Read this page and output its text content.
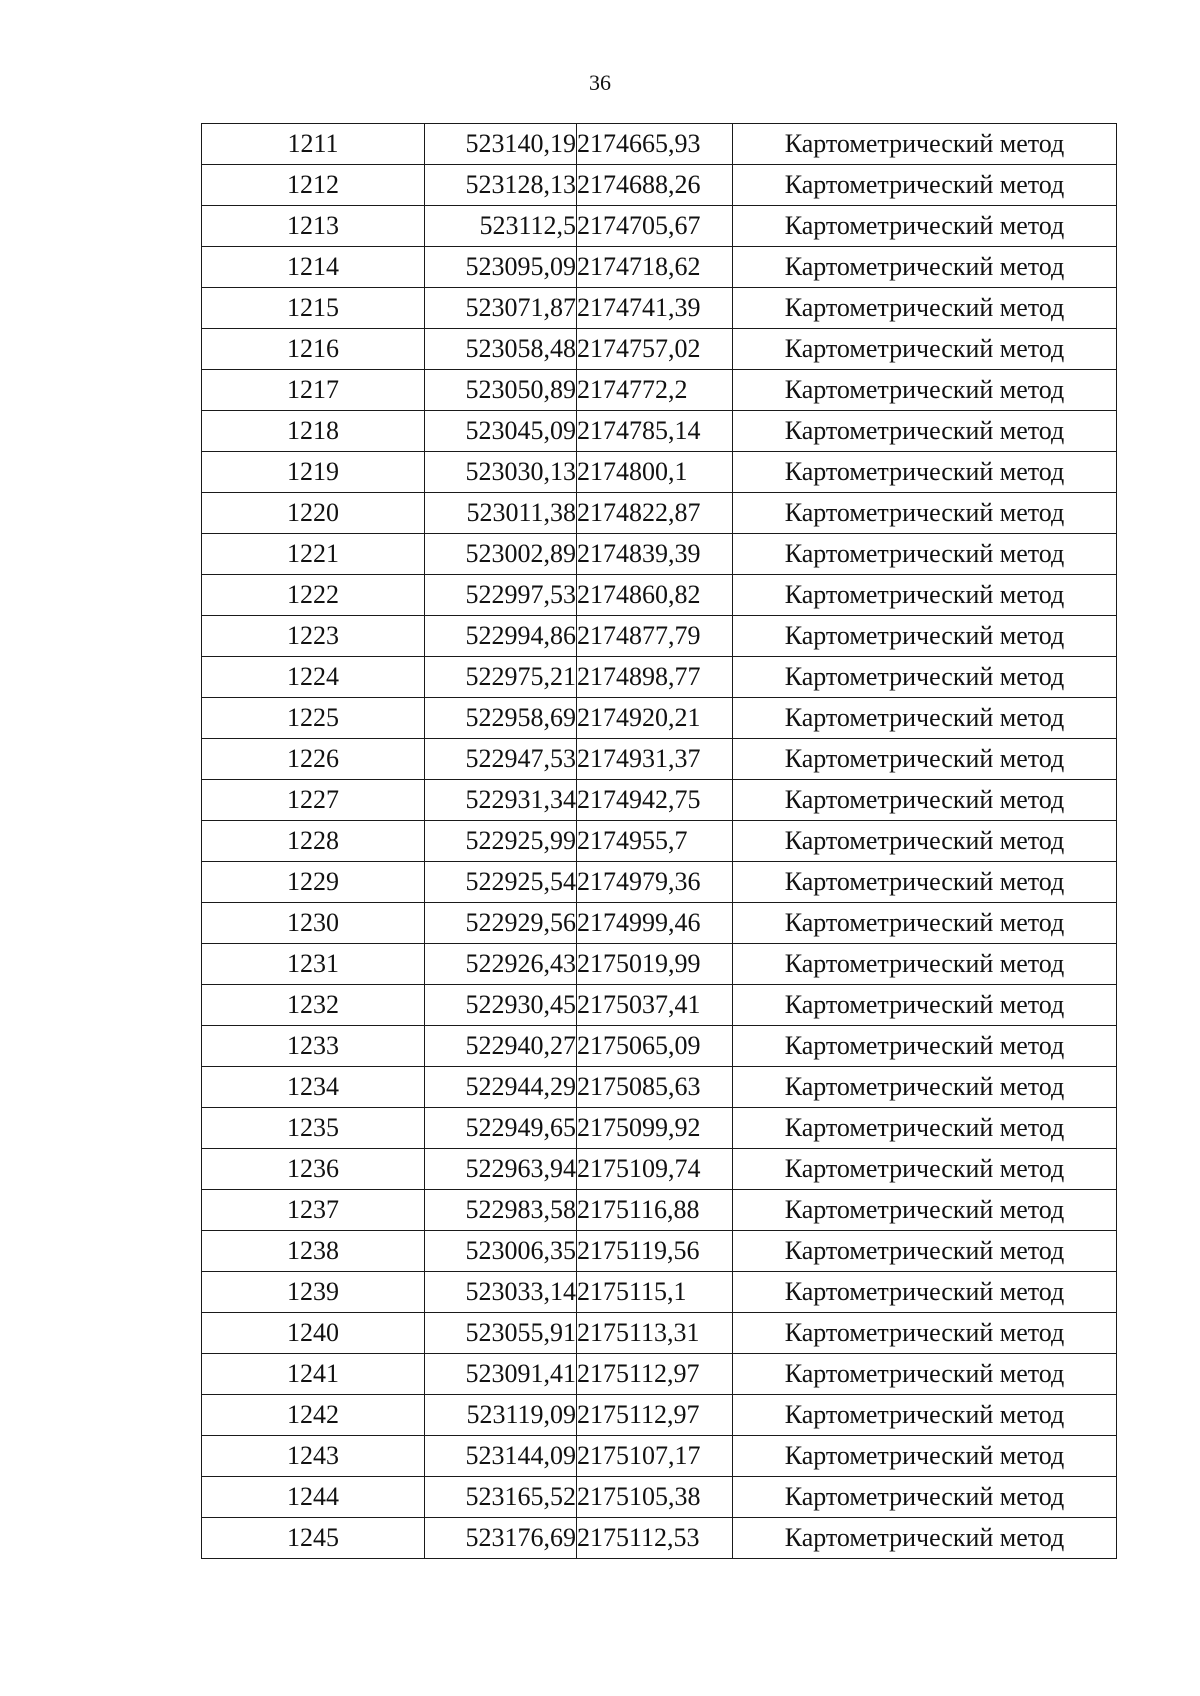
36
1211	523140,19	2174665,93	Картометрический метод
1212	523128,13	2174688,26	Картометрический метод
1213	523112,5	2174705,67	Картометрический метод
1214	523095,09	2174718,62	Картометрический метод
1215	523071,87	2174741,39	Картометрический метод
1216	523058,48	2174757,02	Картометрический метод
1217	523050,89	2174772,2	Картометрический метод
1218	523045,09	2174785,14	Картометрический метод
1219	523030,13	2174800,1	Картометрический метод
1220	523011,38	2174822,87	Картометрический метод
1221	523002,89	2174839,39	Картометрический метод
1222	522997,53	2174860,82	Картометрический метод
1223	522994,86	2174877,79	Картометрический метод
1224	522975,21	2174898,77	Картометрический метод
1225	522958,69	2174920,21	Картометрический метод
1226	522947,53	2174931,37	Картометрический метод
1227	522931,34	2174942,75	Картометрический метод
1228	522925,99	2174955,7	Картометрический метод
1229	522925,54	2174979,36	Картометрический метод
1230	522929,56	2174999,46	Картометрический метод
1231	522926,43	2175019,99	Картометрический метод
1232	522930,45	2175037,41	Картометрический метод
1233	522940,27	2175065,09	Картометрический метод
1234	522944,29	2175085,63	Картометрический метод
1235	522949,65	2175099,92	Картометрический метод
1236	522963,94	2175109,74	Картометрический метод
1237	522983,58	2175116,88	Картометрический метод
1238	523006,35	2175119,56	Картометрический метод
1239	523033,14	2175115,1	Картометрический метод
1240	523055,91	2175113,31	Картометрический метод
1241	523091,41	2175112,97	Картометрический метод
1242	523119,09	2175112,97	Картометрический метод
1243	523144,09	2175107,17	Картометрический метод
1244	523165,52	2175105,38	Картометрический метод
1245	523176,69	2175112,53	Картометрический метод
